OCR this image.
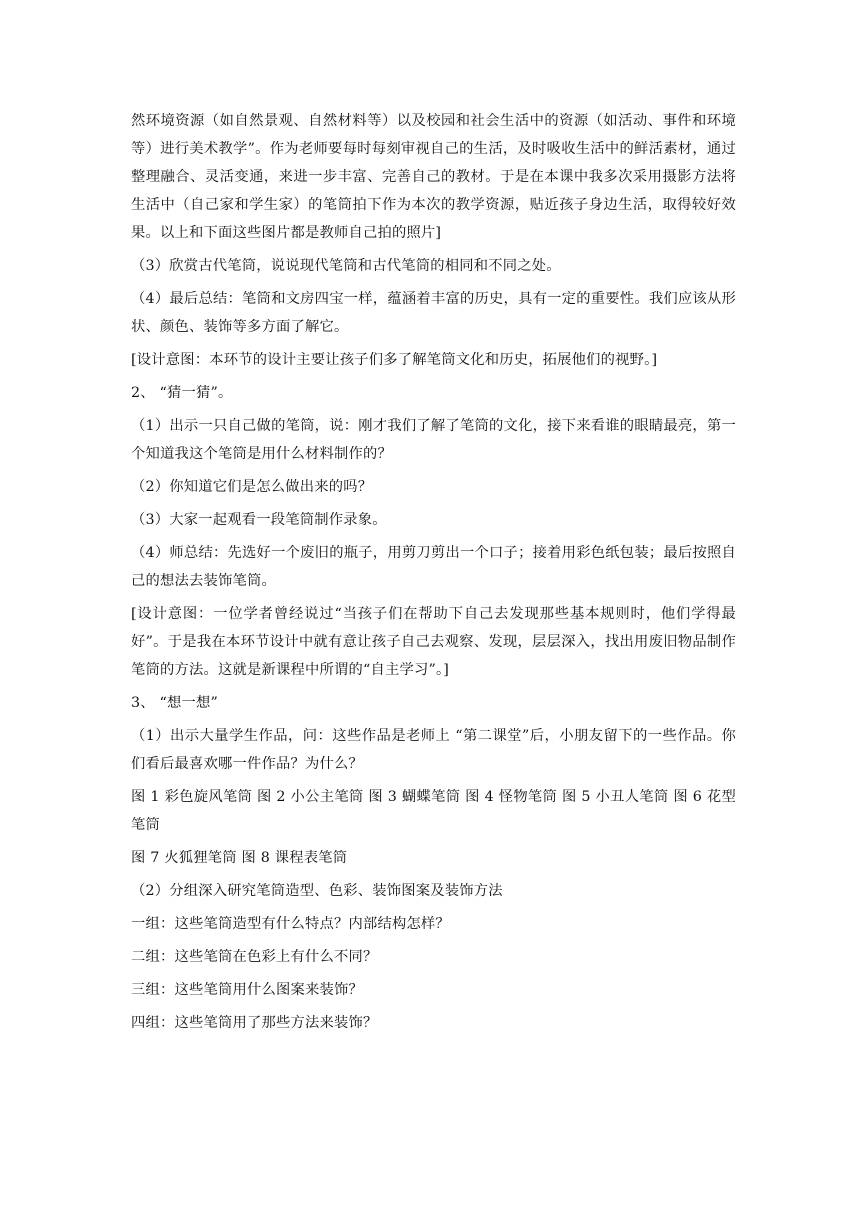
然环境资源（如自然景观、自然材料等）以及校园和社会生活中的资源（如活动、事件和环境等）进行美术教学”。作为老师要每时每刻审视自己的生活，及时吸收生活中的鲜活素材，通过整理融合、灵活变通，来进一步丰富、完善自己的教材。于是在本课中我多次采用摄影方法将生活中（自己家和学生家）的笔筒拍下作为本次的教学资源，贴近孩子身边生活，取得较好效果。以上和下面这些图片都是教师自己拍的照片]

（3）欣赏古代笔筒，说说现代笔筒和古代笔筒的相同和不同之处。

（4）最后总结：笔筒和文房四宝一样，蕴涵着丰富的历史，具有一定的重要性。我们应该从形状、颜色、装饰等多方面了解它。

[设计意图：本环节的设计主要让孩子们多了解笔筒文化和历史，拓展他们的视野。]

2、 “猜一猜”。

（1）出示一只自己做的笔筒，说：刚才我们了解了笔筒的文化，接下来看谁的眼睛最亮，第一个知道我这个笔筒是用什么材料制作的？

（2）你知道它们是怎么做出来的吗？

（3）大家一起观看一段笔筒制作录象。

（4）师总结：先选好一个废旧的瓶子，用剪刀剪出一个口子；接着用彩色纸包装；最后按照自己的想法去装饰笔筒。

[设计意图：一位学者曾经说过“当孩子们在帮助下自己去发现那些基本规则时，他们学得最好”。于是我在本环节设计中就有意让孩子自己去观察、发现，层层深入，找出用废旧物品制作笔筒的方法。这就是新课程中所谓的“自主学习”。]

3、 “想一想”

（1）出示大量学生作品，问：这些作品是老师上 “第二课堂”后，小朋友留下的一些作品。你们看后最喜欢哪一件作品？为什么？

图 1 彩色旋风笔筒 图 2 小公主笔筒 图 3 蝴蝶笔筒 图 4 怪物笔筒 图 5 小丑人笔筒 图 6 花型笔筒

图 7 火狐狸笔筒 图 8 课程表笔筒

（2）分组深入研究笔筒造型、色彩、装饰图案及装饰方法

一组：这些笔筒造型有什么特点？内部结构怎样？

二组：这些笔筒在色彩上有什么不同？

三组：这些笔筒用什么图案来装饰？

四组：这些笔筒用了那些方法来装饰？
